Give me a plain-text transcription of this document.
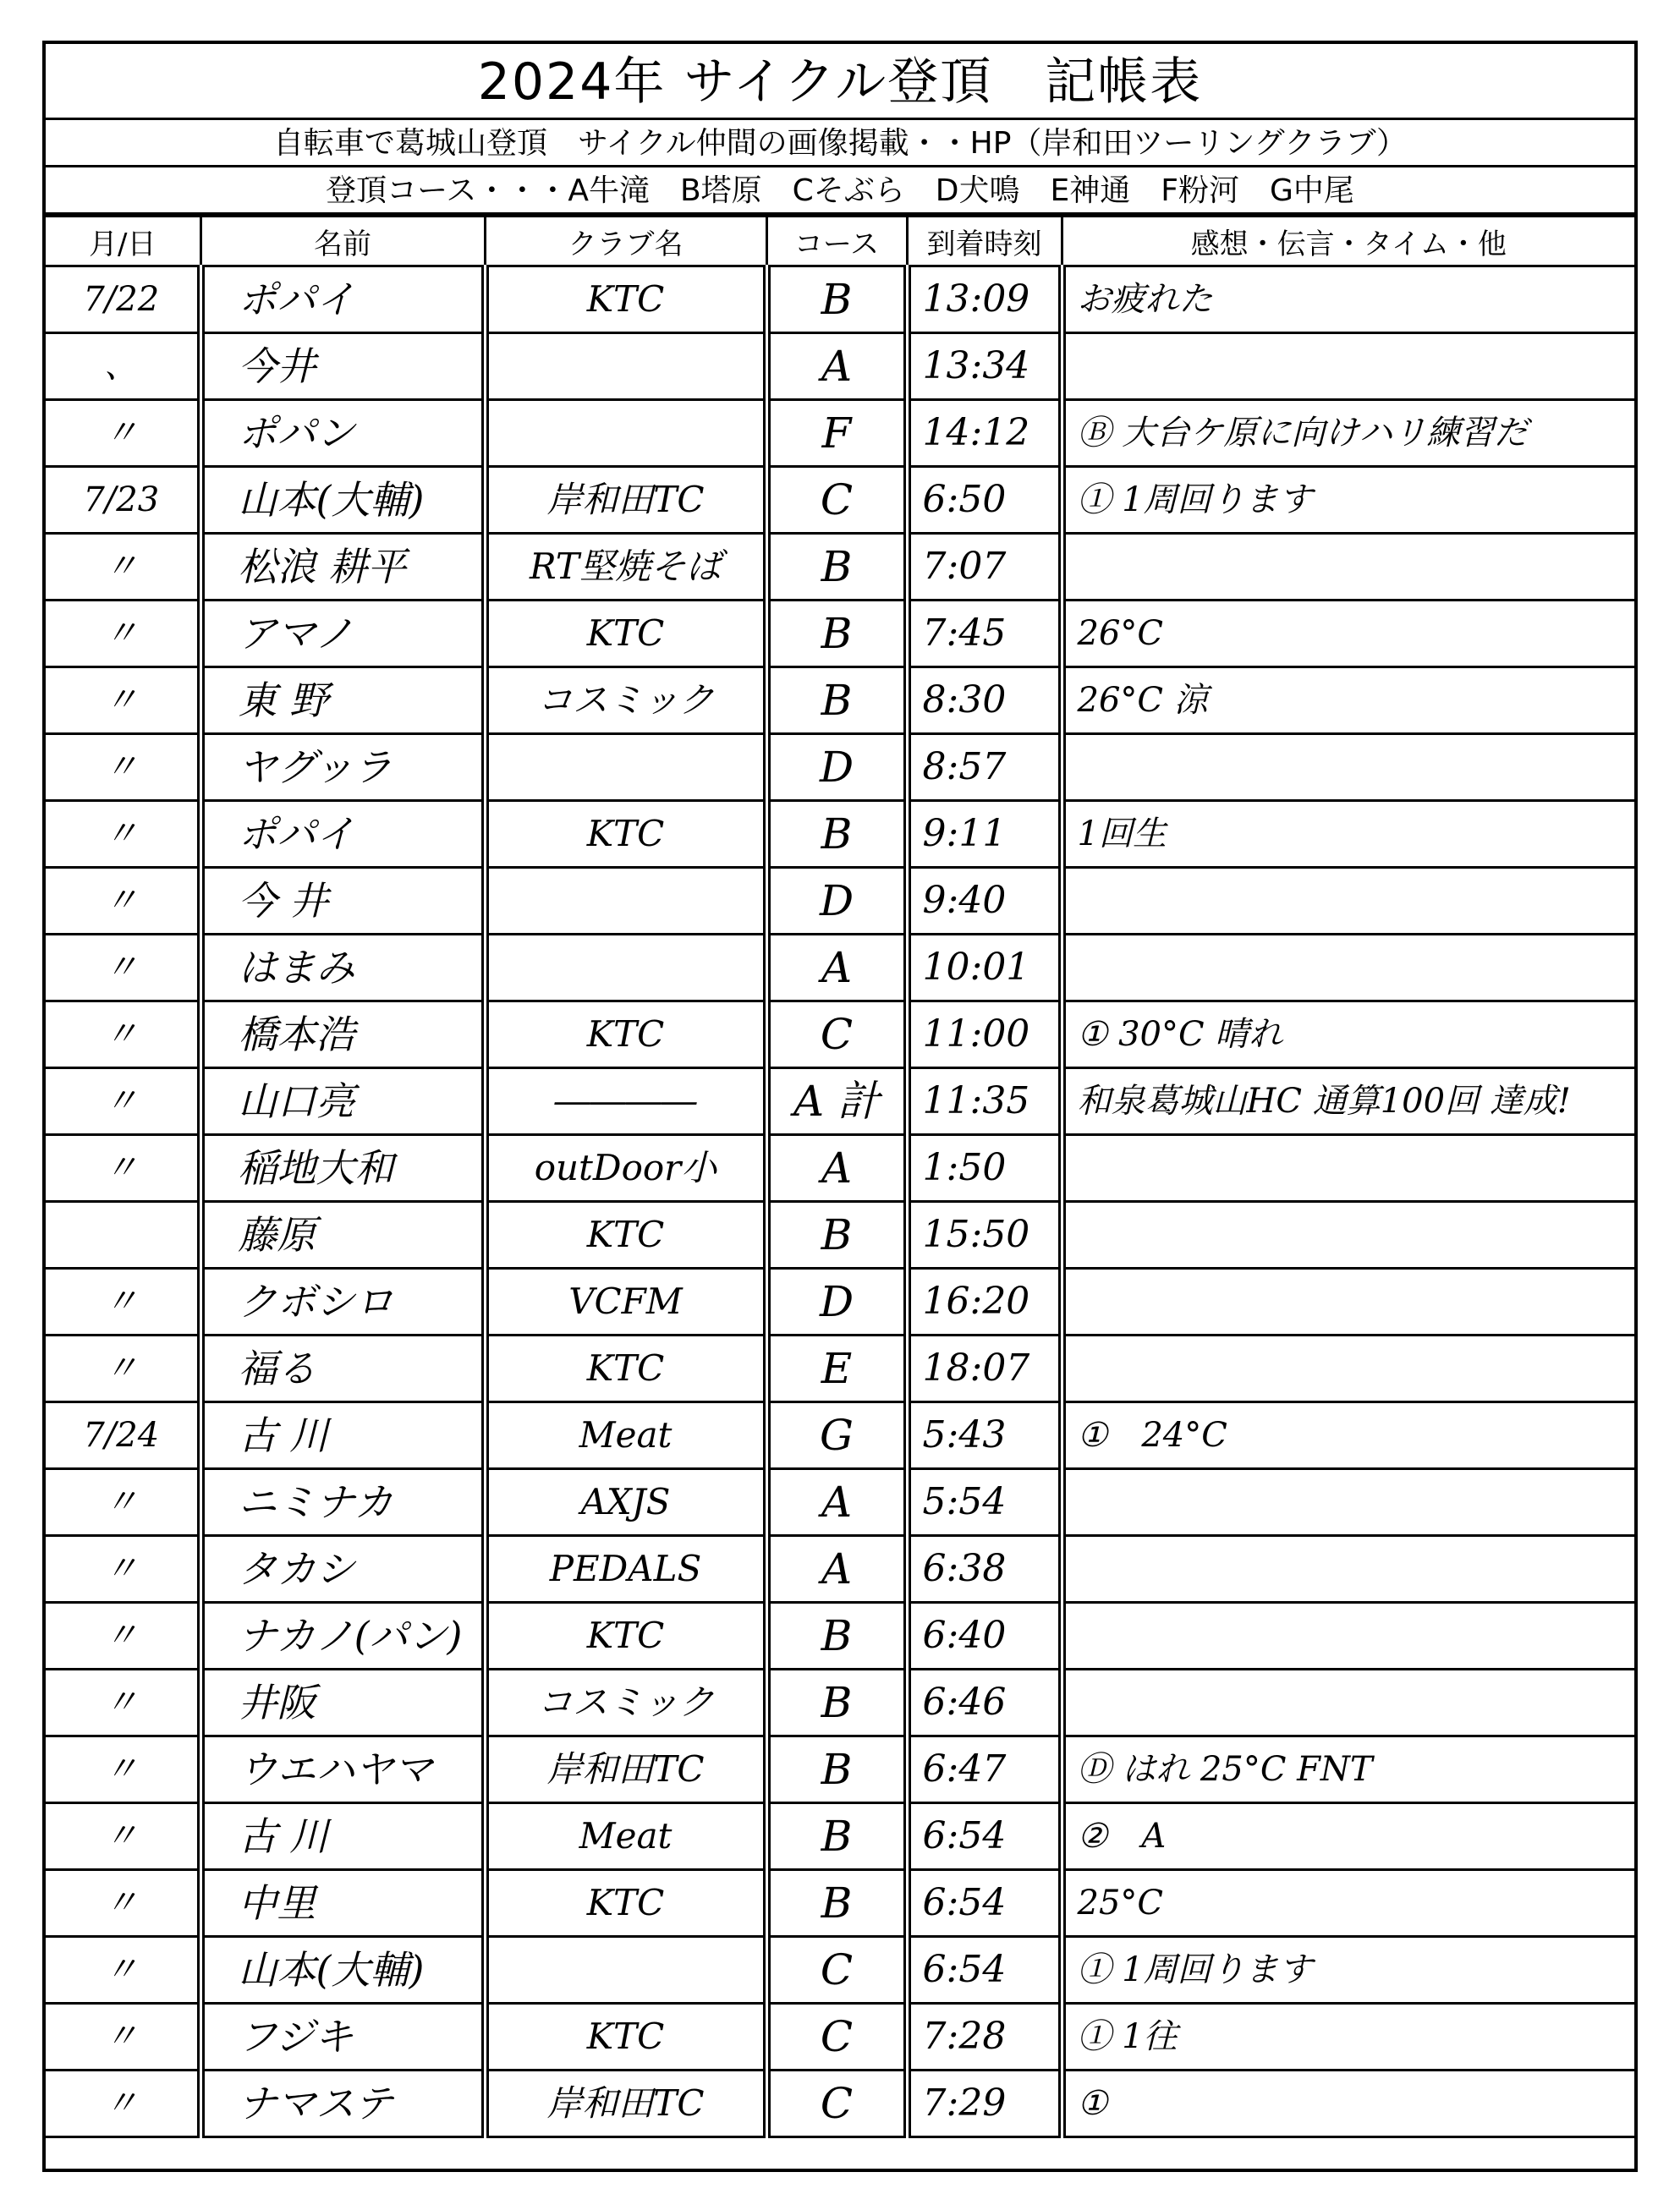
2024年 サイクル登頂　記帳表
自転車で葛城山登頂　サイクル仲間の画像掲載・・HP（岸和田ツーリングクラブ）
登頂コース・・・A牛滝　B塔原　Cそぶら　D犬鳴　E神通　F粉河　G中尾
月/日	名前	クラブ名	コース	到着時刻	感想・伝言・タイム・他
7/22	ポパイ	KTC	B	13:09	お疲れた
、	今井		A	13:34	
〃	ポパン		F	14:12	Ⓑ 大台ケ原に向けハリ練習だ
7/23	山本(大輔)	岸和田TC	C	6:50	① 1周回ります
〃	松浪 耕平	RT堅焼そば	B	7:07	
〃	アマノ	KTC	B	7:45	26°C
〃	東 野	コスミック	B	8:30	26°C 涼
〃	ヤグッラ		D	8:57	
〃	ポパイ	KTC	B	9:11	1回生
〃	今 井		D	9:40	
〃	はまみ		A	10:01	
〃	橋本浩	KTC	C	11:00	① 30°C 晴れ
〃	山口亮	――――	A 計	11:35	和泉葛城山HC 通算100回 達成!
〃	稲地大和	outDoor小	A	1:50	
	藤原	KTC	B	15:50	
〃	クボシロ	VCFM	D	16:20	
〃	福る	KTC	E	18:07	
7/24	古 川	Meat	G	5:43	①　24°C
〃	ニミナカ	AXJS	A	5:54	
〃	タカシ	PEDALS	A	6:38	
〃	ナカノ(パン)	KTC	B	6:40	
〃	井阪	コスミック	B	6:46	
〃	ウエハヤマ	岸和田TC	B	6:47	Ⓓ はれ 25°C FNT
〃	古 川	Meat	B	6:54	②　A
〃	中里	KTC	B	6:54	25°C
〃	山本(大輔)		C	6:54	① 1周回ります
〃	フジキ	KTC	C	7:28	① 1往
〃	ナマステ	岸和田TC	C	7:29	①
